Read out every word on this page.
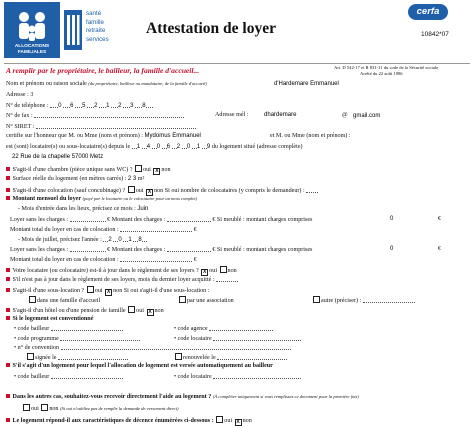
ALLOCATIONS FAMILIALES
santé
famille
retraite
services
Attestation de loyer
cerfa
10842*07
A remplir par le propriétaire, le bailleur, la famille d'accueil...	Art. D 542-17 et R 831-11 du code de la Sécurité sociale
Arrêté du 22 août 1986
Nom et prénom ou raison sociale (du propriétaire, bailleur ou mandataire, de la famille d'accueil)	d'Hardemare Emmanuel
Adresse : 3
N° de téléphone : 0 6 5 2 1 2 3 8
N° de fax :	Adresse mél :	dhardemare	@ gmail.com
N° SIRET :
certifie sur l'honneur que M. ou Mme (nom et prénom) : Mydomus Emmanuel	et M. ou Mme (nom et prénom) :
est (sont) locataire(s) ou sous-locataire(s) depuis le 1 4 0 6 2 0 1 9 du logement situé (adresse complète)
22 Rue de la chapelle 57000 Metz
S'agit-il d'une chambre (pièce unique sans WC) ? oui X non
Surface réelle du logement (en mètres carrés) : 2 3 m²
S'agit-il d'une colocation (sauf concubinage) ? oui X non Si oui nombre de colocataires (y compris le demandeur) :
Montant mensuel du loyer (payé par le locataire ou le colocataire pour un mois complet)
- Mois d'entrée dans les lieux, précisez ce mois : Juin
Loyer sans les charges :	€ Montant des charges :	€ Si meublé : montant charges comprises	0	€
Montant total du loyer en cas de colocation :	€
- Mois de juillet, précisez l'année : 2 0 1 8
Loyer sans les charges :	€ Montant des charges :	€ Si meublé : montant charges comprises	0	€
Montant total du loyer en cas de colocation :	€
Votre locataire (ou colocataire) est-il à jour dans le règlement de ses loyers ? X oui non
S'il n'est pas à jour dans le règlement de ses loyers, mois du dernier loyer acquitté :
S'agit-il d'une sous-location ? oui X non Si oui s'agit-il d'une sous-location :
dans une famille d'accueil	par une association	autre (préciser) :
S'agit-il d'un hôtel ou d'une pension de famille oui X non
Si le logement est conventionné
• code bailleur	• code agence
• code programme	• code locataire
• n° de convention
signée le	renouvelée le
S'il s'agit d'un logement pour lequel l'allocation de logement est versée automatiquement au bailleur
• code bailleur	• code locataire
Dans les autres cas, souhaitez-vous recevoir directement l'aide au logement ? (À compléter uniquement si vous remplissez ce document pour la première fois)
oui non (Si oui n'oubliez pas de remplir la demande de versement direct)
Le logement répond-il aux caractéristiques de décence énumérées ci-dessous : oui X non
